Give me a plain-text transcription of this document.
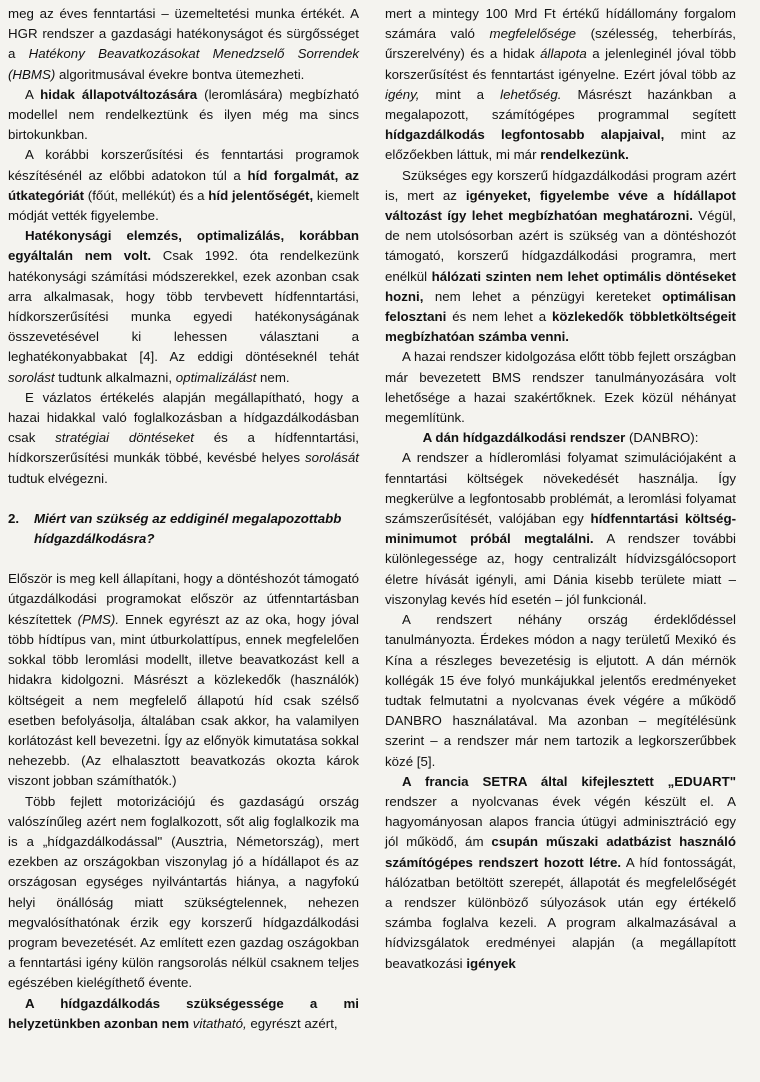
meg az éves fenntartási – üzemeltetési munka értékét. A HGR rendszer a gazdasági hatékonyságot és sürgősséget a Hatékony Beavatkozásokat Menedzselő Sorrendek (HBMS) algoritmusával évekre bontva ütemezheti.

A hidak állapotváltozására (leromlására) megbízható modellel nem rendelkeztünk és ilyen még ma sincs birtokunkban.

A korábbi korszerűsítési és fenntartási programok készítésénél az előbbi adatokon túl a híd forgalmát, az útkategóriát (főút, mellékút) és a híd jelentőségét, kiemelt módját vették figyelembe.

Hatékonysági elemzés, optimalizálás, korábban egyáltalán nem volt. Csak 1992. óta rendelkezünk hatékonysági számítási módszerekkel, ezek azonban csak arra alkalmasak, hogy több tervbevett hídfenntartási, hídkorszerűsítési munka egyedi hatékonyságának összevetésével ki lehessen választani a leghatékonyabbakat [4]. Az eddigi döntéseknél tehát sorolást tudtunk alkalmazni, optimalizálást nem.

E vázlatos értékelés alapján megállapítható, hogy a hazai hidakkal való foglalkozásban a hídgazdálkodásban csak stratégiai döntéseket és a hídfenntartási, hídkorszerűsítési munkák többé, kevésbé helyes sorolását tudtuk elvégezni.

2.	Miért van szükség az eddiginél megalapozottabb hídgazdálkodásra?

Először is meg kell állapítani, hogy a döntéshozót támogató útgazdálkodási programokat először az útfenntartásban készítettek (PMS). Ennek egyrészt az az oka, hogy jóval több hídtípus van, mint útburkolattípus, ennek megfelelően sokkal több leromlási modellt, illetve beavatkozást kell a hidakra kidolgozni. Másrészt a közlekedők (használók) költségeit a nem megfelelő állapotú híd csak szélső esetben befolyásolja, általában csak akkor, ha valamilyen korlátozást kell bevezetni. Így az előnyök kimutatása sokkal nehezebb. (Az elhalasztott beavatkozás okozta károk viszont jobban számíthatók.)

Több fejlett motorizációjú és gazdaságú ország valószínűleg azért nem foglalkozott, sőt alig foglalkozik ma is a „hídgazdálkodással" (Ausztria, Németország), mert ezekben az országokban viszonylag jó a hídállapot és az országosan egységes nyilvántartás hiánya, a nagyfokú helyi önállóság miatt szükségtelennek, nehezen megvalósíthatónak érzik egy korszerű hídgazdálkodási program bevezetését. Az említett ezen gazdag oszágokban a fenntartási igény külön rangsorolás nélkül csaknem teljes egészében kielégíthető évente.

A hídgazdálkodás szükségessége a mi helyzetünkben azonban nem vitatható, egyrészt azért,

mert a mintegy 100 Mrd Ft értékű hídállomány forgalom számára való megfelelősége (szélesség, teherbírás, űrszerelvény) és a hidak állapota a jelenleginél jóval több korszerűsítést és fenntartást igényelne. Ezért jóval több az igény, mint a lehetőség. Másrészt hazánkban a megalapozott, számítógépes programmal segített hídgazdálkodás legfontosabb alapjaival, mint az előzőekben láttuk, mi már rendelkezünk.

Szükséges egy korszerű hídgazdálkodási program azért is, mert az igényeket, figyelembe véve a hídállapot változást így lehet megbízhatóan meghatározni. Végül, de nem utolsósorban azért is szükség van a döntéshozót támogató, korszerű hídgazdálkodási programra, mert enélkül hálózati szinten nem lehet optimális döntéseket hozni, nem lehet a pénzügyi kereteket optimálisan felosztani és nem lehet a közlekedők többletköltségeit megbízhatóan számba venni.

A hazai rendszer kidolgozása előtt több fejlett országban már bevezetett BMS rendszer tanulmányozására volt lehetősége a hazai szakértőknek. Ezek közül néhányat megemlítünk.

A dán hídgazdálkodási rendszer (DANBRO):

A rendszer a hídleromlási folyamat szimulációjaként a fenntartási költségek növekedését használja. Így megkerülve a legfontosabb problémát, a leromlási folyamat számszerűsítését, valójában egy hídfenntartási költség-minimumot próbál megtalálni. A rendszer további különlegessége az, hogy centralizált hídvizsgálócsoport életre hívását igényli, ami Dánia kisebb területe miatt – viszonylag kevés híd esetén – jól funkcionál.

A rendszert néhány ország érdeklődéssel tanulmányozta. Érdekes módon a nagy területű Mexikó és Kína a részleges bevezetésig is eljutott. A dán mérnök kollégák 15 éve folyó munkájukkal jelentős eredményeket tudtak felmutatni a nyolcvanas évek végére a működő DANBRO használatával. Ma azonban – megítélésünk szerint – a rendszer már nem tartozik a legkorszerűbbek közé [5].

A francia SETRA által kifejlesztett „EDUART" rendszer a nyolcvanas évek végén készült el. A hagyományosan alapos francia útügyi adminisztráció egy jól működő, ám csupán műszaki adatbázist használó számítógépes rendszert hozott létre. A híd fontosságát, hálózatban betöltött szerepét, állapotát és megfelelőségét a rendszer különböző súlyozások után egy értékelő számba foglalva kezeli. A program alkalmazásával a hídvizsgálatok eredményei alapján (a megállapított beavatkozási igények
